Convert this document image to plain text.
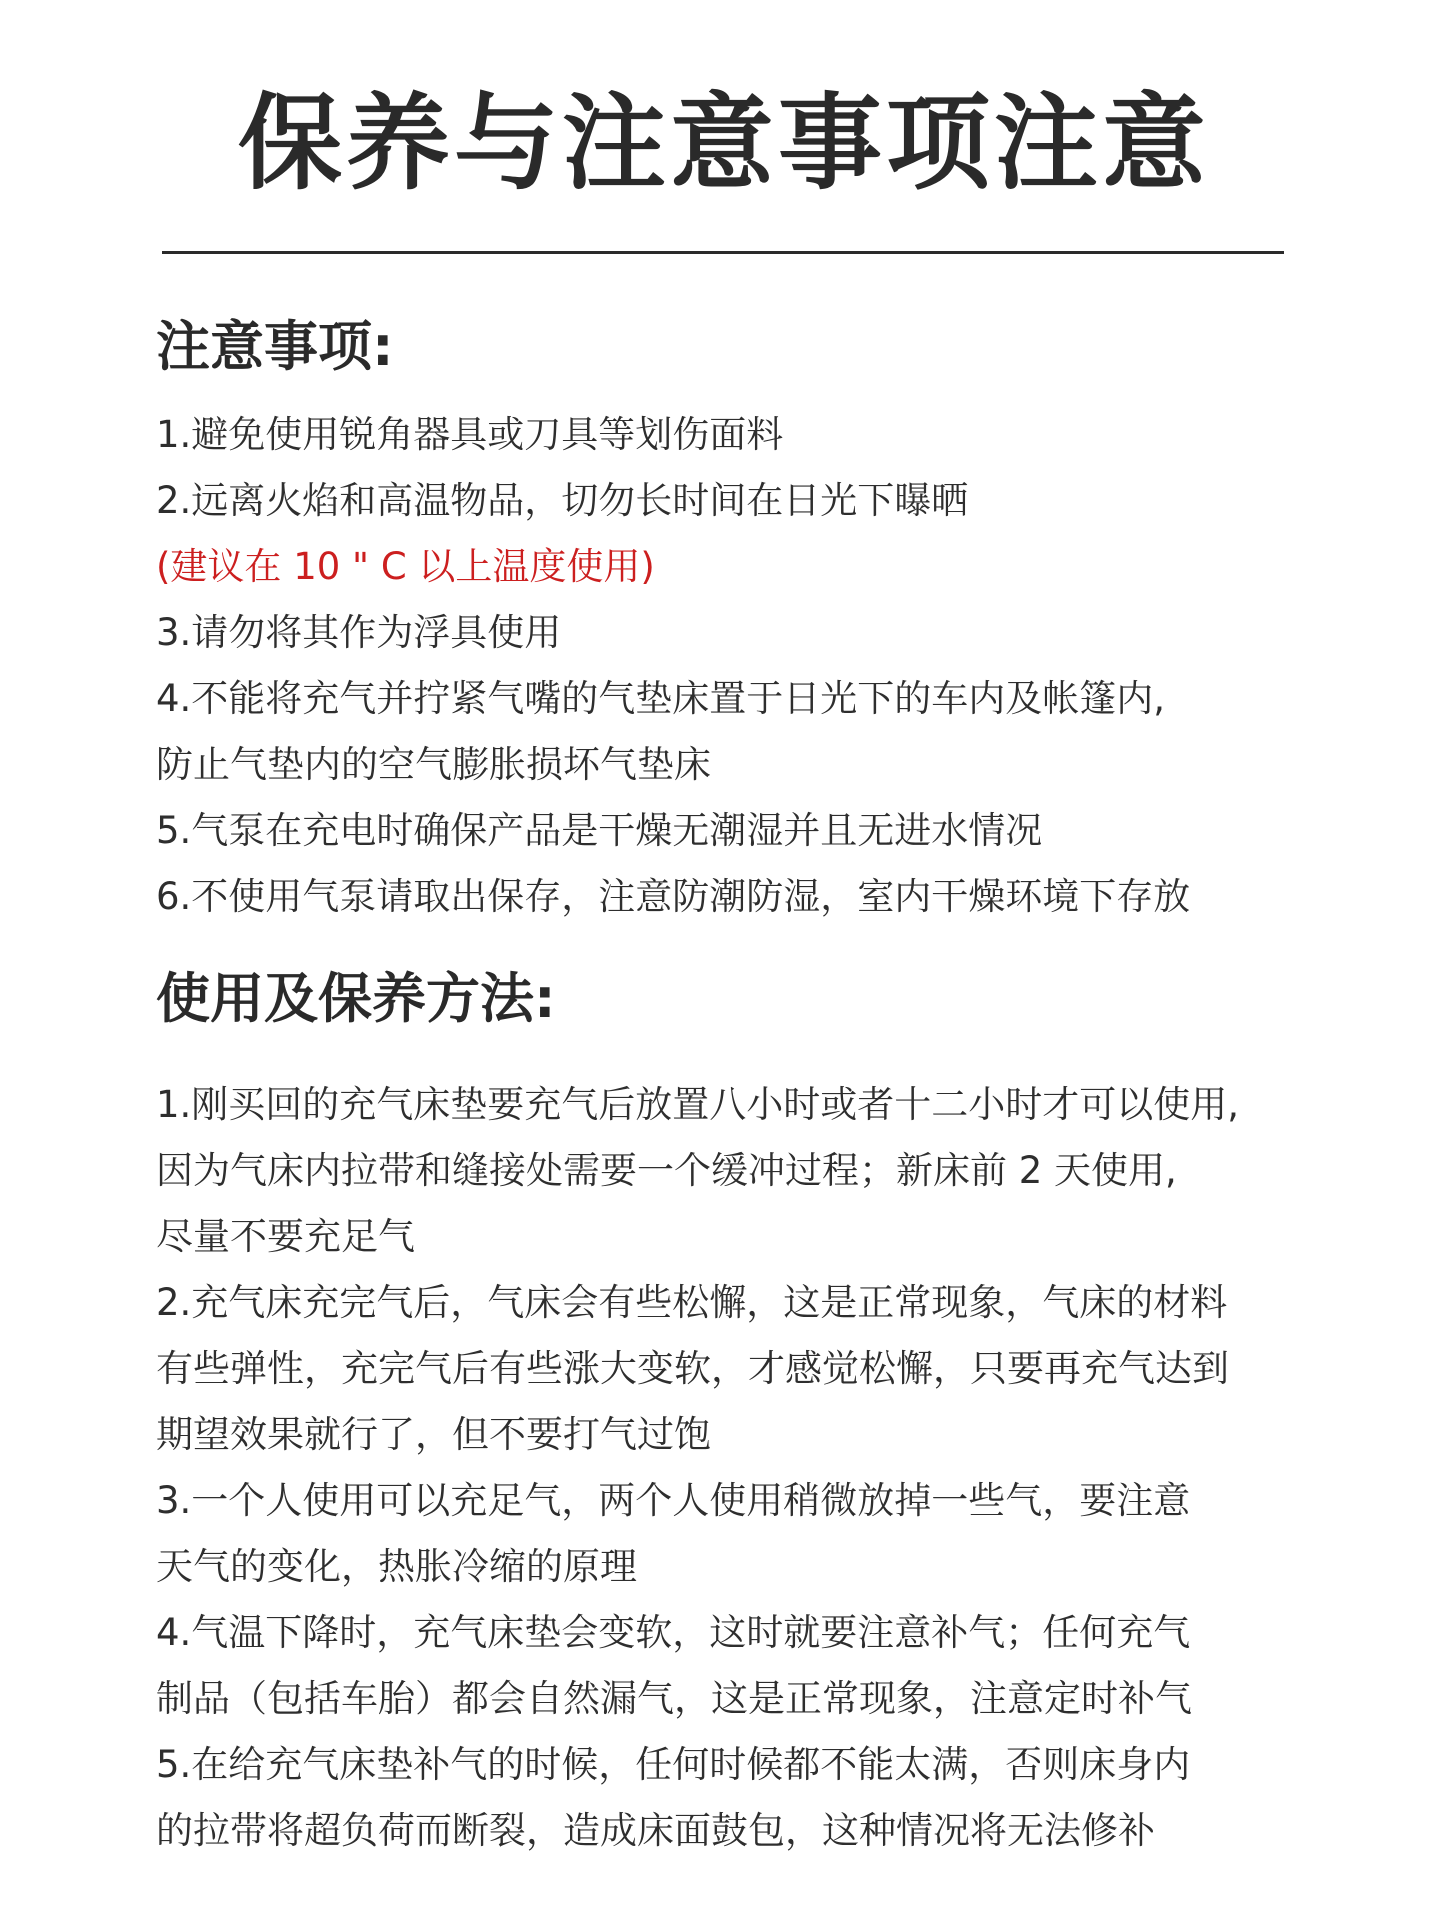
保养与注意事项注意
注意事项:
1.避免使用锐角器具或刀具等划伤面料
2.远离火焰和高温物品，切勿长时间在日光下曝晒
(建议在 10 " C 以上温度使用)
3.请勿将其作为浮具使用
4.不能将充气并拧紧气嘴的气垫床置于日光下的车内及帐篷内,
防止气垫内的空气膨胀损坏气垫床
5.气泵在充电时确保产品是干燥无潮湿并且无进水情况
6.不使用气泵请取出保存，注意防潮防湿，室内干燥环境下存放
使用及保养方法:
1.刚买回的充气床垫要充气后放置八小时或者十二小时才可以使用,
因为气床内拉带和缝接处需要一个缓冲过程；新床前 2 天使用,
尽量不要充足气
2.充气床充完气后，气床会有些松懈，这是正常现象，气床的材料
有些弹性，充完气后有些涨大变软，才感觉松懈，只要再充气达到
期望效果就行了，但不要打气过饱
3.一个人使用可以充足气，两个人使用稍微放掉一些气，要注意
天气的变化，热胀冷缩的原理
4.气温下降时，充气床垫会变软，这时就要注意补气；任何充气
制品（包括车胎）都会自然漏气，这是正常现象，注意定时补气
5.在给充气床垫补气的时候，任何时候都不能太满，否则床身内
的拉带将超负荷而断裂，造成床面鼓包，这种情况将无法修补
